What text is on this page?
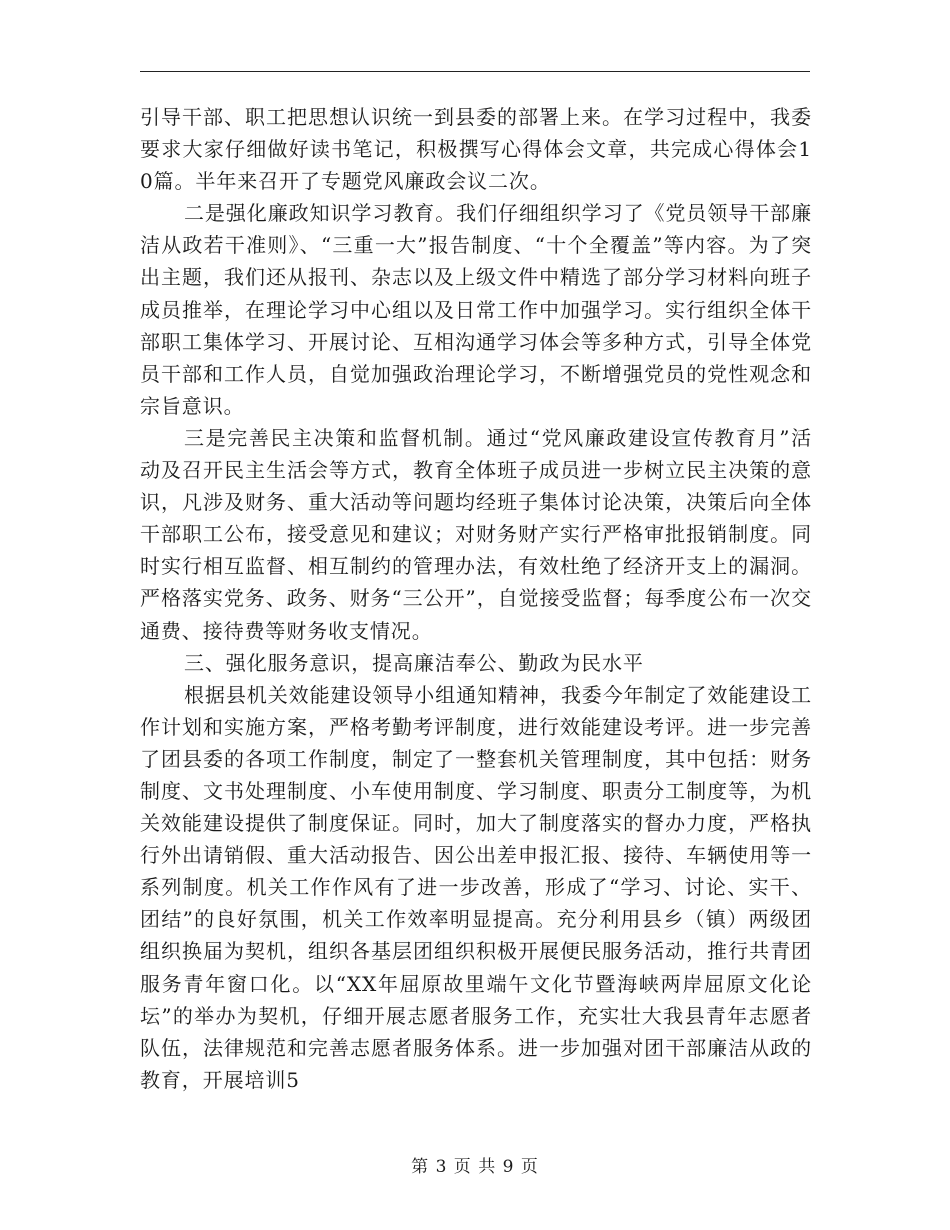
引导干部、职工把思想认识统一到县委的部署上来。在学习过程中，我委要求大家仔细做好读书笔记，积极撰写心得体会文章，共完成心得体会10篇。半年来召开了专题党风廉政会议二次。

二是强化廉政知识学习教育。我们仔细组织学习了《党员领导干部廉洁从政若干准则》、“三重一大”报告制度、“十个全覆盖”等内容。为了突出主题，我们还从报刊、杂志以及上级文件中精选了部分学习材料向班子成员推举，在理论学习中心组以及日常工作中加强学习。实行组织全体干部职工集体学习、开展讨论、互相沟通学习体会等多种方式，引导全体党员干部和工作人员，自觉加强政治理论学习，不断增强党员的党性观念和宗旨意识。

三是完善民主决策和监督机制。通过“党风廉政建设宣传教育月”活动及召开民主生活会等方式，教育全体班子成员进一步树立民主决策的意识，凡涉及财务、重大活动等问题均经班子集体讨论决策，决策后向全体干部职工公布，接受意见和建议；对财务财产实行严格审批报销制度。同时实行相互监督、相互制约的管理办法，有效杜绝了经济开支上的漏洞。严格落实党务、政务、财务“三公开”，自觉接受监督；每季度公布一次交通费、接待费等财务收支情况。

三、强化服务意识，提高廉洁奉公、勤政为民水平

根据县机关效能建设领导小组通知精神，我委今年制定了效能建设工作计划和实施方案，严格考勤考评制度，进行效能建设考评。进一步完善了团县委的各项工作制度，制定了一整套机关管理制度，其中包括：财务制度、文书处理制度、小车使用制度、学习制度、职责分工制度等，为机关效能建设提供了制度保证。同时，加大了制度落实的督办力度，严格执行外出请销假、重大活动报告、因公出差申报汇报、接待、车辆使用等一系列制度。机关工作作风有了进一步改善，形成了“学习、讨论、实干、团结”的良好氛围，机关工作效率明显提高。充分利用县乡（镇）两级团组织换届为契机，组织各基层团组织积极开展便民服务活动，推行共青团服务青年窗口化。以“XX年屈原故里端午文化节暨海峡两岸屈原文化论坛”的举办为契机，仔细开展志愿者服务工作，充实壮大我县青年志愿者队伍，法律规范和完善志愿者服务体系。进一步加强对团干部廉洁从政的教育，开展培训5

第 3 页 共 9 页
